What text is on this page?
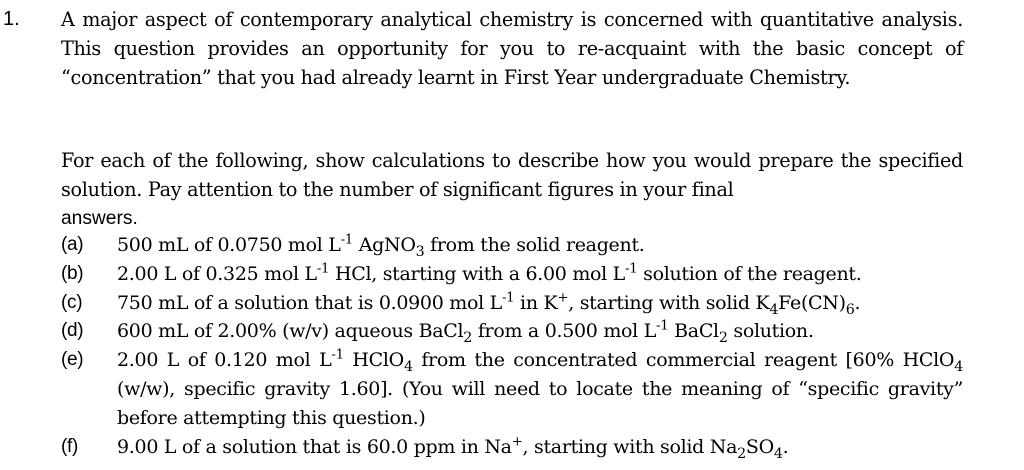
1. A major aspect of contemporary analytical chemistry is concerned with quantitative analysis. This question provides an opportunity for you to re-acquaint with the basic concept of “concentration” that you had already learnt in First Year undergraduate Chemistry.
For each of the following, show calculations to describe how you would prepare the specified solution. Pay attention to the number of significant figures in your final
answers.
(a)	500 mL of 0.0750 mol $L^{-1}$ AgNO$_3$ from the solid reagent.
(b)	2.00 L of 0.325 mol $L^{-1}$ HCl, starting with a 6.00 mol $L^{-1}$ solution of the reagent.
(c)	750 mL of a solution that is 0.0900 mol $L^{-1}$ in K+, starting with solid $K_4Fe(CN)_6$.
(d)	600 mL of 2.00% (w/v) aqueous BaCl$_2$ from a 0.500 mol $L^{-1}$ BaCl$_2$ solution.
(e)	2.00 L of 0.120 mol $L^{-1}$ HClO$_4$ from the concentrated commercial reagent [60% HClO$_4$ (w/w), specific gravity 1.60]. (You will need to locate the meaning of “specific gravity” before attempting this question.)
(f)	9.00 L of a solution that is 60.0 ppm in Na+, starting with solid $Na_2SO_4$.
